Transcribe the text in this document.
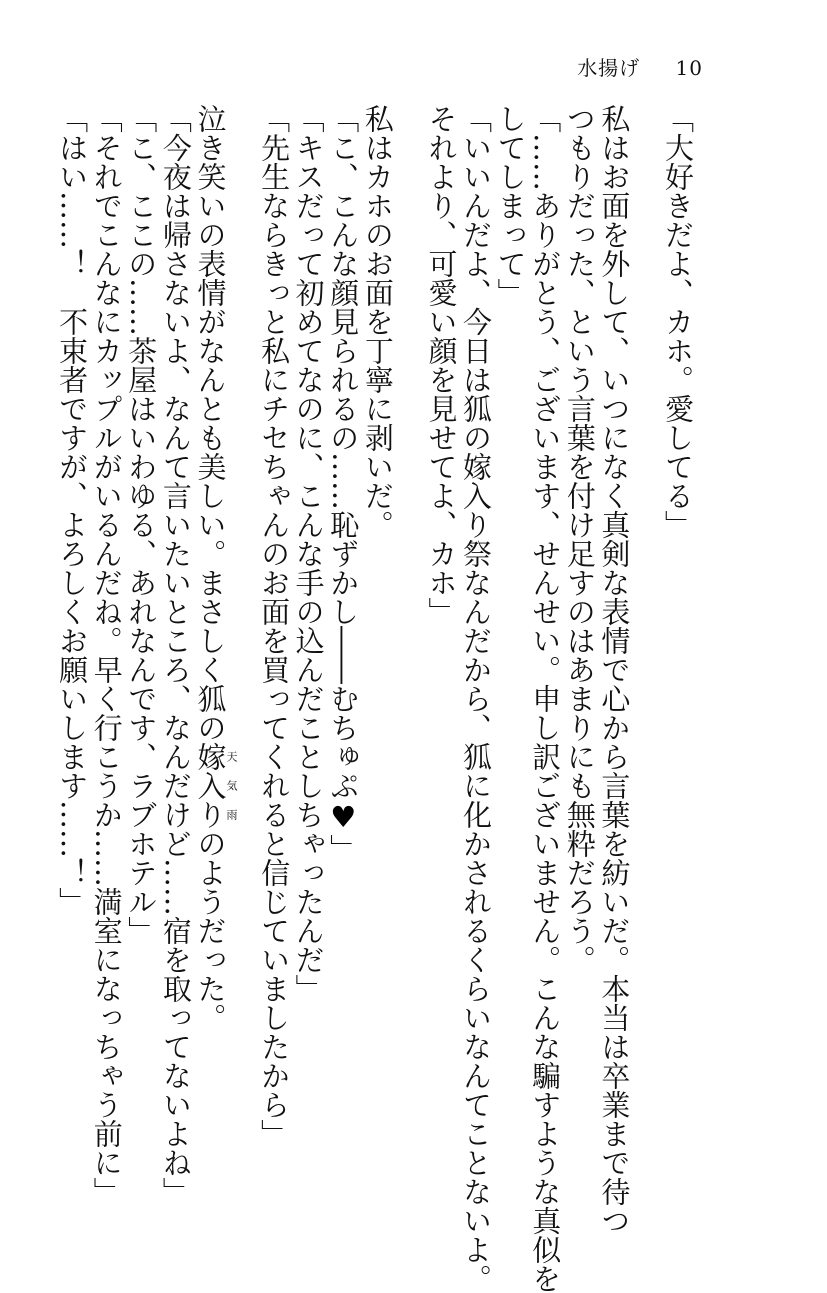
水揚げ 10
「大好きだよ、カホ。愛してる」
私はお面を外して、いつになく真剣な表情で心から言葉を紡いだ。本当は卒業まで待つ
つもりだった、という言葉を付け足すのはあまりにも無粋だろう。
「……ありがとう、ございます、せんせい。申し訳ございません。こんな騙すような真似を
してしまって」
「いいんだよ、今日は狐の嫁入り祭なんだから、狐に化かされるくらいなんてことないよ。
それより、可愛い顔を見せてよ、カホ」
私はカホのお面を丁寧に剥いだ。
「こ、こんな顔見られるの……恥ずかし――むちゅぷ♥」
「キスだって初めてなのに、こんな手の込んだことしちゃったんだ」
「先生ならきっと私にチセちゃんのお面を買ってくれると信じていましたから」
泣き笑いの表情がなんとも美しい。まさしく狐の嫁入り天気雨のようだった。
「今夜は帰さないよ、なんて言いたいところ、なんだけど……宿を取ってないよね」
「こ、ここの……茶屋はいわゆる、あれなんです、ラブホテル」
「それでこんなにカップルがいるんだね。早く行こうか……満室になっちゃう前に」
「はい……！　不束者ですが、よろしくお願いします……！」
